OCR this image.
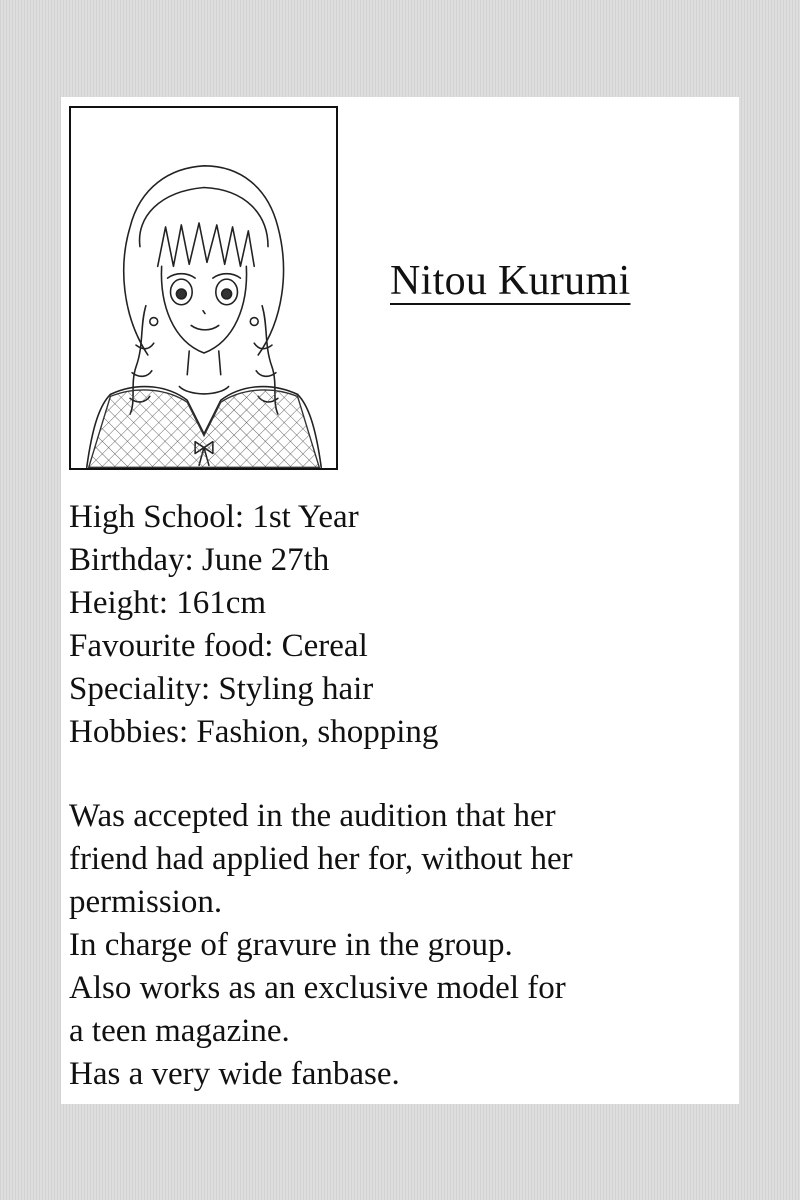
Nitou Kurumi
High School: 1st Year
Birthday: June 27th
Height: 161cm
Favourite food: Cereal
Speciality: Styling hair
Hobbies: Fashion, shopping
Was accepted in the audition that her
friend had applied her for, without her
permission.
In charge of gravure in the group.
Also works as an exclusive model for
a teen magazine.
Has a very wide fanbase.
